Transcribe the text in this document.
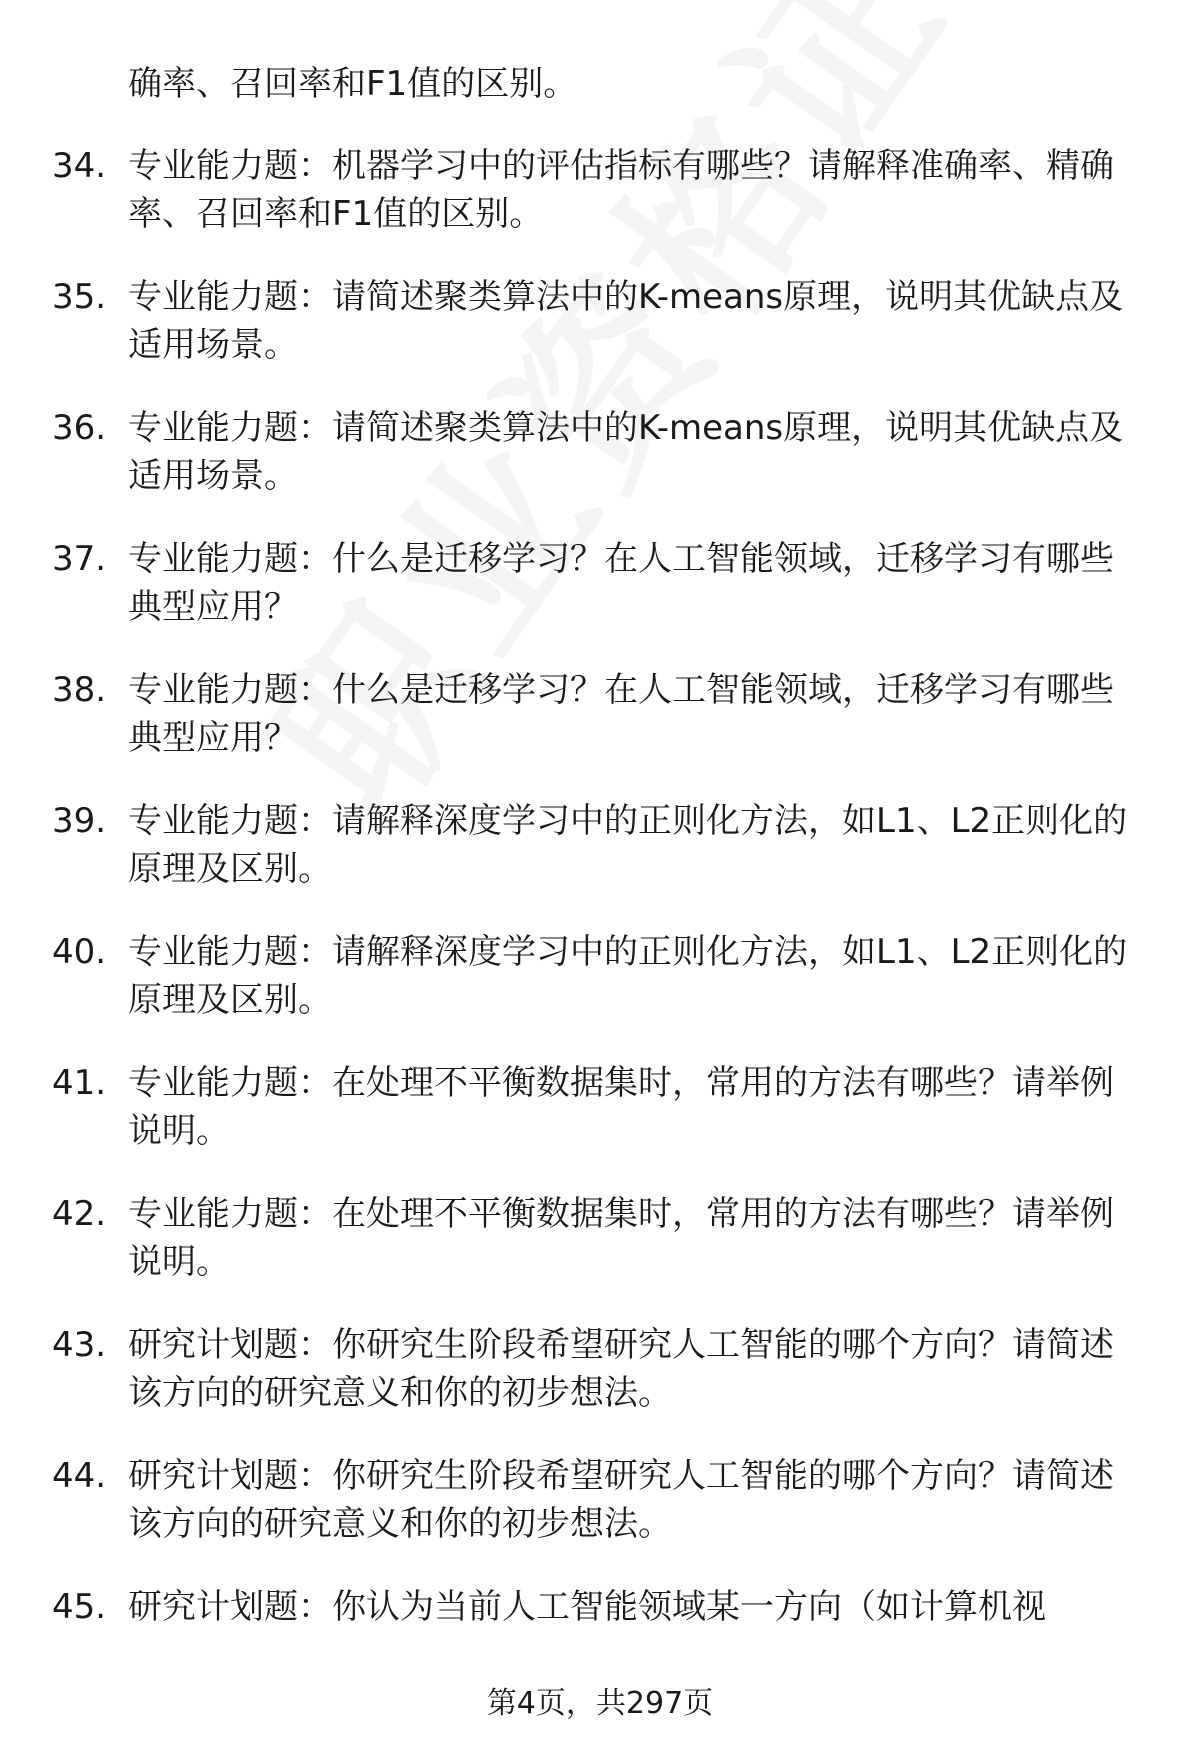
确率、召回率和F1值的区别。
34. 专业能力题：机器学习中的评估指标有哪些？请解释准确率、精确率、召回率和F1值的区别。
35. 专业能力题：请简述聚类算法中的K-means原理，说明其优缺点及适用场景。
36. 专业能力题：请简述聚类算法中的K-means原理，说明其优缺点及适用场景。
37. 专业能力题：什么是迁移学习？在人工智能领域，迁移学习有哪些典型应用？
38. 专业能力题：什么是迁移学习？在人工智能领域，迁移学习有哪些典型应用？
39. 专业能力题：请解释深度学习中的正则化方法，如L1、L2正则化的原理及区别。
40. 专业能力题：请解释深度学习中的正则化方法，如L1、L2正则化的原理及区别。
41. 专业能力题：在处理不平衡数据集时，常用的方法有哪些？请举例说明。
42. 专业能力题：在处理不平衡数据集时，常用的方法有哪些？请举例说明。
43. 研究计划题：你研究生阶段希望研究人工智能的哪个方向？请简述该方向的研究意义和你的初步想法。
44. 研究计划题：你研究生阶段希望研究人工智能的哪个方向？请简述该方向的研究意义和你的初步想法。
45. 研究计划题：你认为当前人工智能领域某一方向（如计算机视
第4页，共297页
